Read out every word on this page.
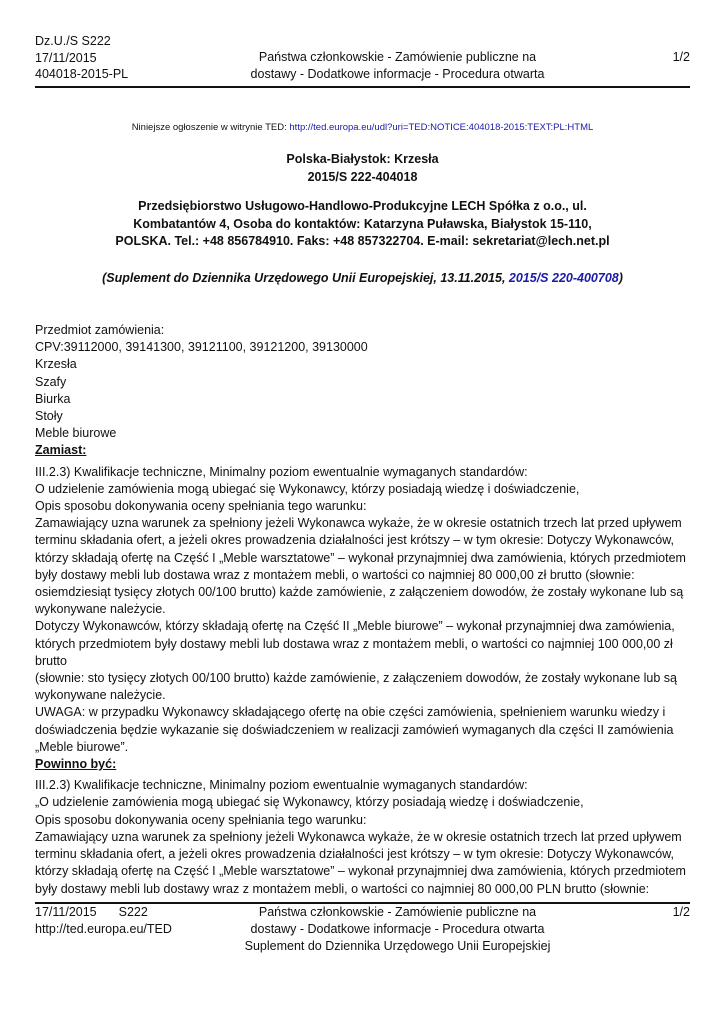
Dz.U./S S222
17/11/2015
404018-2015-PL
Państwa członkowskie - Zamówienie publiczne na
dostawy - Dodatkowe informacje - Procedura otwarta
1/2
Niniejsze ogłoszenie w witrynie TED: http://ted.europa.eu/udl?uri=TED:NOTICE:404018-2015:TEXT:PL:HTML
Polska-Białystok: Krzesła
2015/S 222-404018
Przedsiębiorstwo Usługowo-Handlowo-Produkcyjne LECH Spółka z o.o., ul.
Kombatantów 4, Osoba do kontaktów: Katarzyna Puławska, Białystok 15-110,
POLSKA. Tel.: +48 856784910. Faks: +48 857322704. E-mail: sekretariat@lech.net.pl
(Suplement do Dziennika Urzędowego Unii Europejskiej, 13.11.2015, 2015/S 220-400708)

Przedmiot zamówienia:

CPV:39112000, 39141300, 39121100, 39121200, 39130000

Krzesła

Szafy

Biurka

Stoły

Meble biurowe

Zamiast:

III.2.3) Kwalifikacje techniczne, Minimalny poziom ewentualnie wymaganych standardów:

O udzielenie zamówienia mogą ubiegać się Wykonawcy, którzy posiadają wiedzę i doświadczenie,

Opis sposobu dokonywania oceny spełniania tego warunku:

Zamawiający uzna warunek za spełniony jeżeli Wykonawca wykaże, że w okresie ostatnich trzech lat przed upływem

terminu składania ofert, a jeżeli okres prowadzenia działalności jest krótszy – w tym okresie: Dotyczy Wykonawców,

którzy składają ofertę na Część I „Meble warsztatowe” – wykonał przynajmniej dwa zamówienia, których przedmiotem

były dostawy mebli lub dostawa wraz z montażem mebli, o wartości co najmniej 80 000,00 zł brutto (słownie:

osiemdziesiąt tysięcy złotych 00/100 brutto) każde zamówienie, z załączeniem dowodów, że zostały wykonane lub są

wykonywane należycie.

Dotyczy Wykonawców, którzy składają ofertę na Część II „Meble biurowe” – wykonał przynajmniej dwa zamówienia,

których przedmiotem były dostawy mebli lub dostawa wraz z montażem mebli, o wartości co najmniej 100 000,00 zł brutto

(słownie: sto tysięcy złotych 00/100 brutto) każde zamówienie, z załączeniem dowodów, że zostały wykonane lub są

wykonywane należycie.

UWAGA: w przypadku Wykonawcy składającego ofertę na obie części zamówienia, spełnieniem warunku wiedzy i

doświadczenia będzie wykazanie się doświadczeniem w realizacji zamówień wymaganych dla części II zamówienia

„Meble biurowe”.

Powinno być:

III.2.3) Kwalifikacje techniczne, Minimalny poziom ewentualnie wymaganych standardów:

„O udzielenie zamówienia mogą ubiegać się Wykonawcy, którzy posiadają wiedzę i doświadczenie,

Opis sposobu dokonywania oceny spełniania tego warunku:

Zamawiający uzna warunek za spełniony jeżeli Wykonawca wykaże, że w okresie ostatnich trzech lat przed upływem

terminu składania ofert, a jeżeli okres prowadzenia działalności jest krótszy – w tym okresie: Dotyczy Wykonawców,

którzy składają ofertę na Część I „Meble warsztatowe” – wykonał przynajmniej dwa zamówienia, których przedmiotem

były dostawy mebli lub dostawy wraz z montażem mebli, o wartości co najmniej 80 000,00 PLN brutto (słownie:

17/11/2015 S222
http://ted.europa.eu/TED
Państwa członkowskie - Zamówienie publiczne na
dostawy - Dodatkowe informacje - Procedura otwarta
Suplement do Dziennika Urzędowego Unii Europejskiej
1/2
